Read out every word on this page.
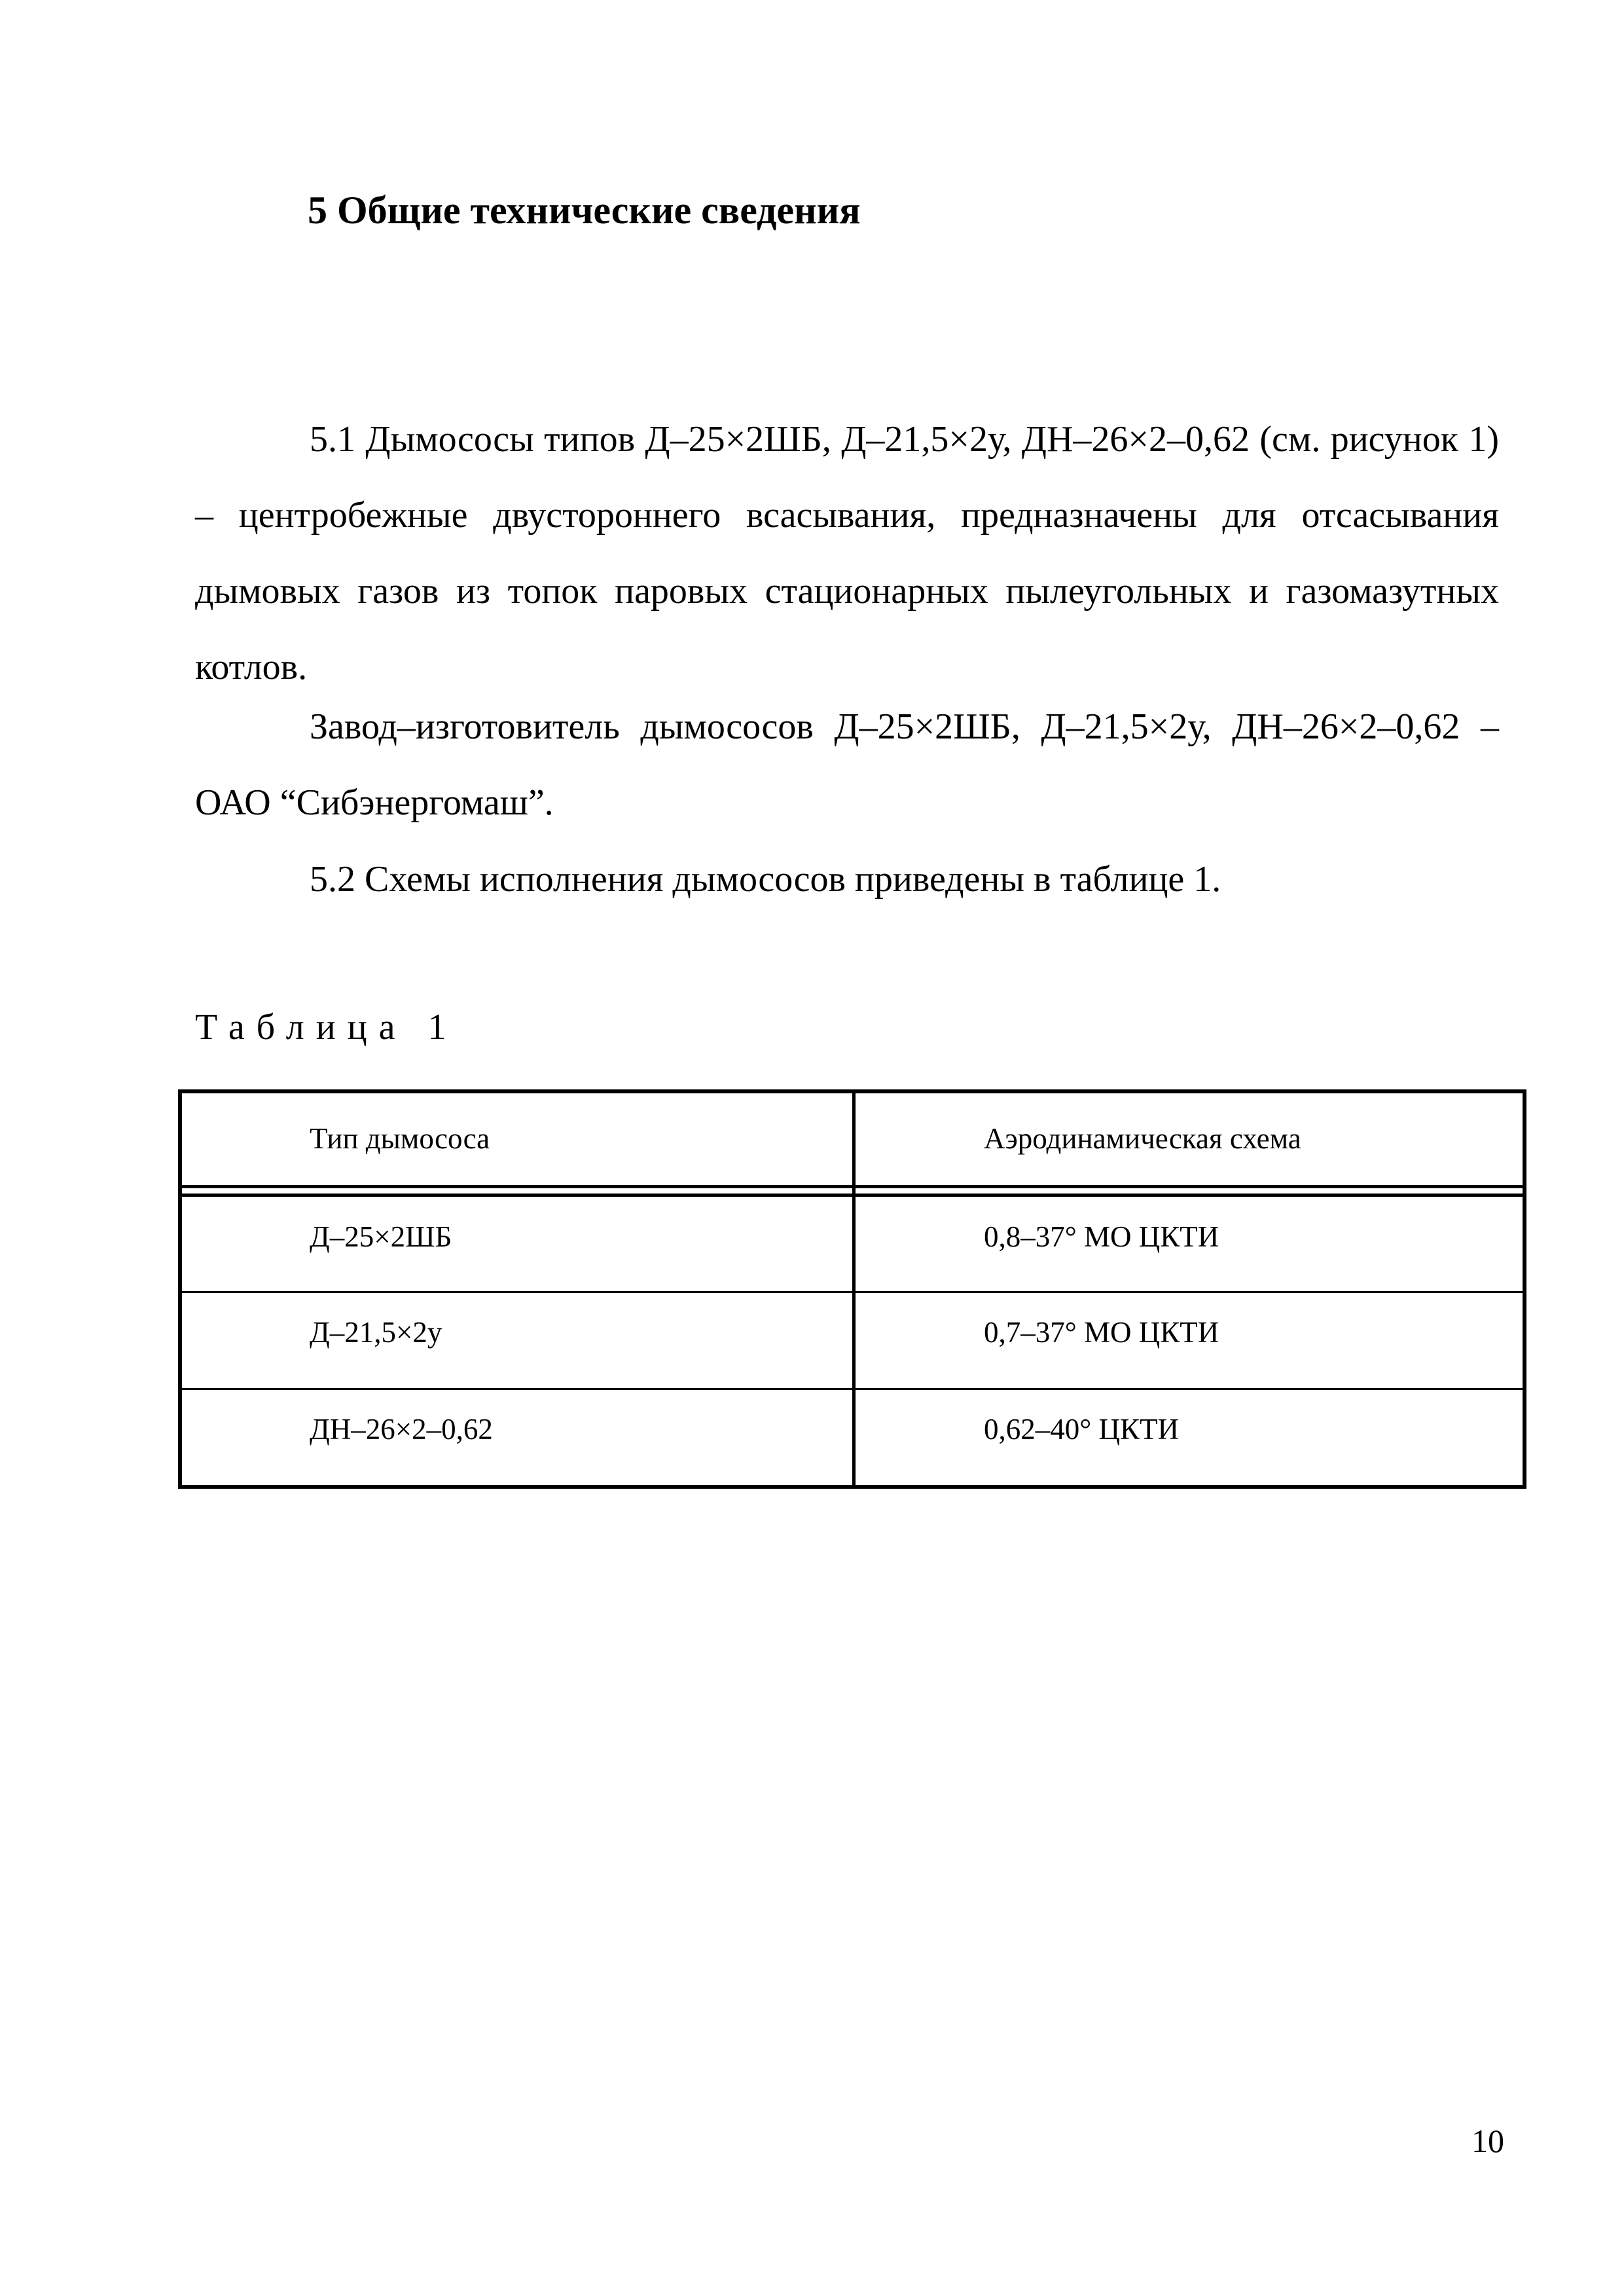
5 Общие технические сведения

5.1 Дымососы типов Д–25×2ШБ, Д–21,5×2у, ДН–26×2–0,62 (см. рисунок 1) – центробежные двустороннего всасывания, предназначены для отсасывания дымовых газов из топок паровых стационарных пылеугольных и газомазутных котлов.

Завод–изготовитель дымососов Д–25×2ШБ, Д–21,5×2у, ДН–26×2–0,62 – ОАО “Сибэнергомаш”.

5.2 Схемы исполнения дымососов приведены в таблице 1.

Таблица 1
Тип дымососа	Аэродинамическая схема
Д–25×2ШБ	0,8–37° МО ЦКТИ
Д–21,5×2у	0,7–37° МО ЦКТИ
ДН–26×2–0,62	0,62–40° ЦКТИ
10
